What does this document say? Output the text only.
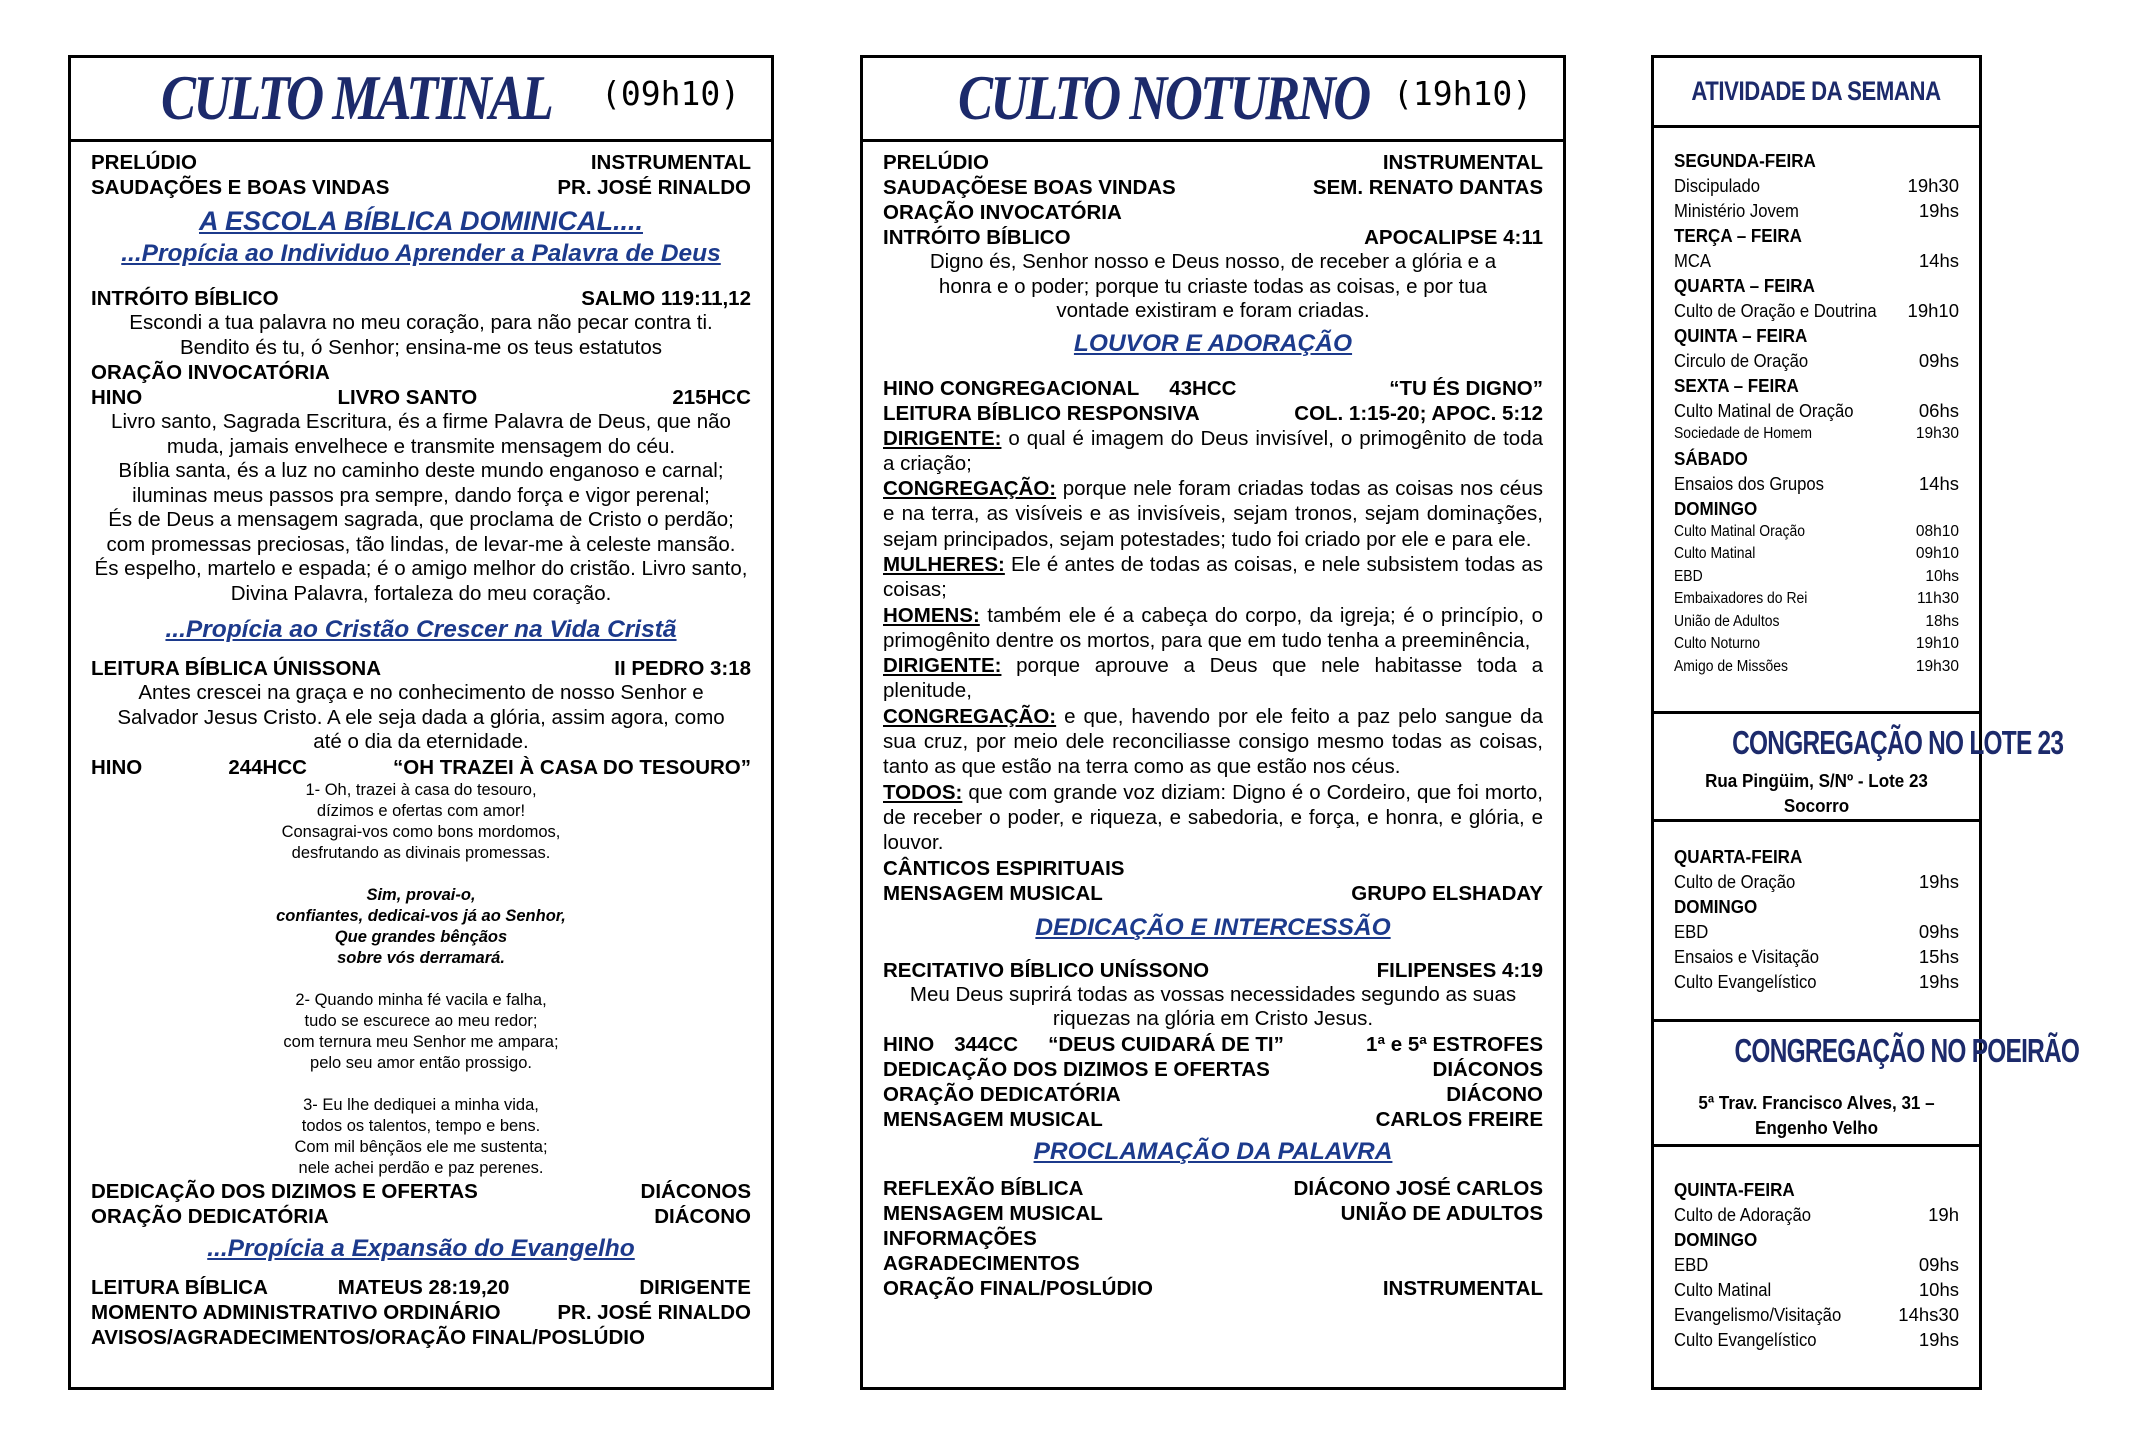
CULTO MATINAL (09h10)
PRELÚDIO	INSTRUMENTAL
SAUDAÇÕES E BOAS VINDAS	PR. JOSÉ RINALDO
A ESCOLA BÍBLICA DOMINICAL....
...Propícia ao Individuo Aprender a Palavra de Deus
INTRÓITO BÍBLICO	SALMO 119:11,12
Escondi a tua palavra no meu coração, para não pecar contra ti.
Bendito és tu, ó Senhor; ensina-me os teus estatutos
ORAÇÃO INVOCATÓRIA
HINO	LIVRO SANTO	215HCC
Livro santo, Sagrada Escritura, és a firme Palavra de Deus, que não
muda, jamais envelhece e transmite mensagem do céu.
Bíblia santa, és a luz no caminho deste mundo enganoso e carnal;
iluminas meus passos pra sempre, dando força e vigor perenal;
És de Deus a mensagem sagrada, que proclama de Cristo o perdão;
com promessas preciosas, tão lindas, de levar-me à celeste mansão.
És espelho, martelo e espada; é o amigo melhor do cristão. Livro santo,
Divina Palavra, fortaleza do meu coração.
...Propícia ao Cristão Crescer na Vida Cristã
LEITURA BÍBLICA ÚNISSONA	II PEDRO 3:18
Antes crescei na graça e no conhecimento de nosso Senhor e
Salvador Jesus Cristo. A ele seja dada a glória, assim agora, como
até o dia da eternidade.
HINO	244HCC	“OH TRAZEI À CASA DO TESOURO”
1- Oh, trazei à casa do tesouro,
dízimos e ofertas com amor!
Consagrai-vos como bons mordomos,
desfrutando as divinais promessas.
Sim, provai-o,
confiantes, dedicai-vos já ao Senhor,
Que grandes bênçãos
sobre vós derramará.
2- Quando minha fé vacila e falha,
tudo se escurece ao meu redor;
com ternura meu Senhor me ampara;
pelo seu amor então prossigo.
3- Eu lhe dediquei a minha vida,
todos os talentos, tempo e bens.
Com mil bênçãos ele me sustenta;
nele achei perdão e paz perenes.
DEDICAÇÃO DOS DIZIMOS E OFERTAS	DIÁCONOS
ORAÇÃO DEDICATÓRIA	DIÁCONO
...Propícia a Expansão do Evangelho
LEITURA BÍBLICA	MATEUS 28:19,20	DIRIGENTE
MOMENTO ADMINISTRATIVO ORDINÁRIO	PR. JOSÉ RINALDO
AVISOS/AGRADECIMENTOS/ORAÇÃO FINAL/POSLÚDIO
CULTO NOTURNO (19h10)
PRELÚDIO	INSTRUMENTAL
SAUDAÇÕESE BOAS VINDAS	SEM. RENATO DANTAS
ORAÇÃO INVOCATÓRIA
INTRÓITO BÍBLICO	APOCALIPSE 4:11
Digno és, Senhor nosso e Deus nosso, de receber a glória e a
honra e o poder; porque tu criaste todas as coisas, e por tua
vontade existiram e foram criadas.
LOUVOR E ADORAÇÃO
HINO CONGREGACIONAL 43HCC	“TU ÉS DIGNO”
LEITURA BÍBLICO RESPONSIVA	COL. 1:15-20; APOC. 5:12
DIRIGENTE: o qual é imagem do Deus invisível, o primogênito de toda a criação;
CONGREGAÇÃO: porque nele foram criadas todas as coisas nos céus e na terra, as visíveis e as invisíveis, sejam tronos, sejam dominações, sejam principados, sejam potestades; tudo foi criado por ele e para ele.
MULHERES: Ele é antes de todas as coisas, e nele subsistem todas as coisas;
HOMENS: também ele é a cabeça do corpo, da igreja; é o princípio, o primogênito dentre os mortos, para que em tudo tenha a preeminência,
DIRIGENTE: porque aprouve a Deus que nele habitasse toda a plenitude,
CONGREGAÇÃO: e que, havendo por ele feito a paz pelo sangue da sua cruz, por meio dele reconciliasse consigo mesmo todas as coisas, tanto as que estão na terra como as que estão nos céus.
TODOS: que com grande voz diziam: Digno é o Cordeiro, que foi morto, de receber o poder, e riqueza, e sabedoria, e força, e honra, e glória, e louvor.
CÂNTICOS ESPIRITUAIS
MENSAGEM MUSICAL	GRUPO ELSHADAY
DEDICAÇÃO E INTERCESSÃO
RECITATIVO BÍBLICO UNÍSSONO	FILIPENSES 4:19
Meu Deus suprirá todas as vossas necessidades segundo as suas
riquezas na glória em Cristo Jesus.
HINO 344CC “DEUS CUIDARÁ DE TI”	1ª e 5ª ESTROFES
DEDICAÇÃO DOS DIZIMOS E OFERTAS	DIÁCONOS
ORAÇÃO DEDICATÓRIA	DIÁCONO
MENSAGEM MUSICAL	CARLOS FREIRE
PROCLAMAÇÃO DA PALAVRA
REFLEXÃO BÍBLICA	DIÁCONO JOSÉ CARLOS
MENSAGEM MUSICAL	UNIÃO DE ADULTOS
INFORMAÇÕES
AGRADECIMENTOS
ORAÇÃO FINAL/POSLÚDIO	INSTRUMENTAL
ATIVIDADE DA SEMANA
SEGUNDA-FEIRA
Discipulado	19h30
Ministério Jovem	19hs
TERÇA – FEIRA
MCA	14hs
QUARTA – FEIRA
Culto de Oração e Doutrina 19h10
QUINTA – FEIRA
Circulo de Oração	09hs
SEXTA – FEIRA
Culto Matinal de Oração	06hs
Sociedade de Homem	19h30
SÁBADO
Ensaios dos Grupos	14hs
DOMINGO
Culto Matinal Oração	08h10
Culto Matinal	09h10
EBD	10hs
Embaixadores do Rei	11h30
União de Adultos	18hs
Culto Noturno	19h10
Amigo de Missões	19h30
CONGREGAÇÃO NO LOTE 23
Rua Pingüim, S/Nº - Lote 23
Socorro
QUARTA-FEIRA
Culto de Oração	19hs
DOMINGO
EBD	09hs
Ensaios e Visitação	15hs
Culto Evangelístico	19hs
CONGREGAÇÃO NO POEIRÃO
5ª Trav. Francisco Alves, 31 –
Engenho Velho
QUINTA-FEIRA
Culto de Adoração	19h
DOMINGO
EBD	09hs
Culto Matinal	10hs
Evangelismo/Visitação	14hs30
Culto Evangelístico	19hs
